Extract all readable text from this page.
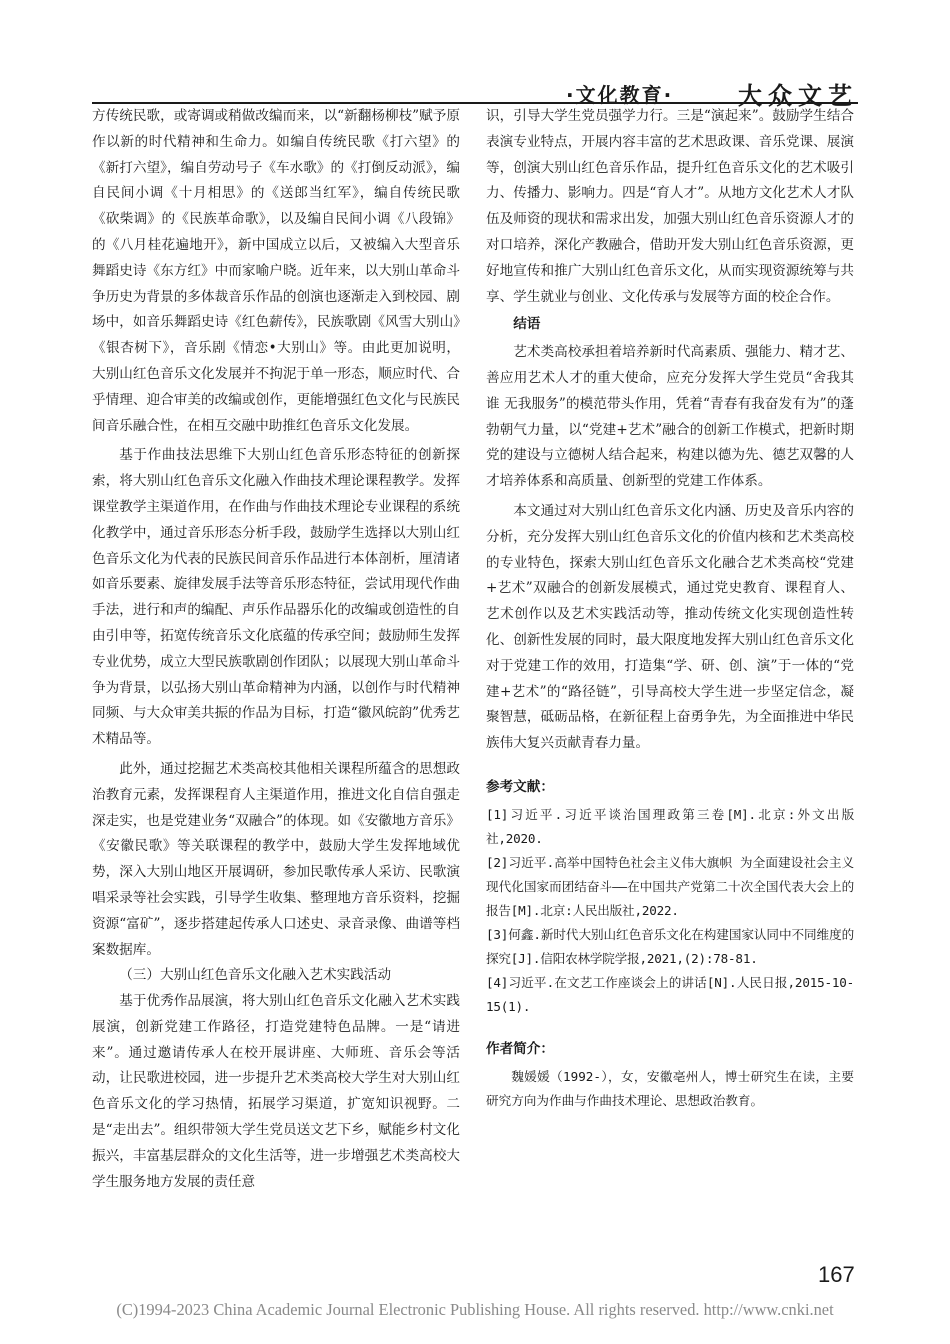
·文化教育·	大众文艺

方传统民歌，或寄调或稍做改编而来，以“新翻杨柳枝”赋予原作以新的时代精神和生命力。如编自传统民歌《打六望》的《新打六望》，编自劳动号子《车水歌》的《打倒反动派》，编自民间小调《十月相思》的《送郎当红军》，编自传统民歌《砍柴调》的《民族革命歌》，以及编自民间小调《八段锦》的《八月桂花遍地开》，新中国成立以后，又被编入大型音乐舞蹈史诗《东方红》中而家喻户晓。近年来，以大别山革命斗争历史为背景的多体裁音乐作品的创演也逐渐走入到校园、剧场中，如音乐舞蹈史诗《红色薪传》，民族歌剧《风雪大别山》《银杏树下》，音乐剧《情恋•大别山》等。由此更加说明，大别山红色音乐文化发展并不拘泥于单一形态，顺应时代、合乎情理、迎合审美的改编或创作，更能增强红色文化与民族民间音乐融合性，在相互交融中助推红色音乐文化发展。

基于作曲技法思维下大别山红色音乐形态特征的创新探索，将大别山红色音乐文化融入作曲技术理论课程教学。发挥课堂教学主渠道作用，在作曲与作曲技术理论专业课程的系统化教学中，通过音乐形态分析手段，鼓励学生选择以大别山红色音乐文化为代表的民族民间音乐作品进行本体剖析，厘清诸如音乐要素、旋律发展手法等音乐形态特征，尝试用现代作曲手法，进行和声的编配、声乐作品器乐化的改编或创造性的自由引申等，拓宽传统音乐文化底蕴的传承空间；鼓励师生发挥专业优势，成立大型民族歌剧创作团队；以展现大别山革命斗争为背景，以弘扬大别山革命精神为内涵，以创作与时代精神同频、与大众审美共振的作品为目标，打造“徽风皖韵”优秀艺术精品等。

此外，通过挖掘艺术类高校其他相关课程所蕴含的思想政治教育元素，发挥课程育人主渠道作用，推进文化自信自强走深走实，也是党建业务“双融合”的体现。如《安徽地方音乐》《安徽民歌》等关联课程的教学中，鼓励大学生发挥地域优势，深入大别山地区开展调研，参加民歌传承人采访、民歌演唱采录等社会实践，引导学生收集、整理地方音乐资料，挖掘资源“富矿”，逐步搭建起传承人口述史、录音录像、曲谱等档案数据库。

（三）大别山红色音乐文化融入艺术实践活动

基于优秀作品展演，将大别山红色音乐文化融入艺术实践展演，创新党建工作路径，打造党建特色品牌。一是“请进来”。通过邀请传承人在校开展讲座、大师班、音乐会等活动，让民歌进校园，进一步提升艺术类高校大学生对大别山红色音乐文化的学习热情，拓展学习渠道，扩宽知识视野。二是“走出去”。组织带领大学生党员送文艺下乡，赋能乡村文化振兴，丰富基层群众的文化生活等，进一步增强艺术类高校大学生服务地方发展的责任意

识，引导大学生党员强学力行。三是“演起来”。鼓励学生结合表演专业特点，开展内容丰富的艺术思政课、音乐党课、展演等，创演大别山红色音乐作品，提升红色音乐文化的艺术吸引力、传播力、影响力。四是“育人才”。从地方文化艺术人才队伍及师资的现状和需求出发，加强大别山红色音乐资源人才的对口培养，深化产教融合，借助开发大别山红色音乐资源，更好地宣传和推广大别山红色音乐文化，从而实现资源统筹与共享、学生就业与创业、文化传承与发展等方面的校企合作。

结语

艺术类高校承担着培养新时代高素质、强能力、精才艺、善应用艺术人才的重大使命，应充分发挥大学生党员“舍我其谁 无我服务”的模范带头作用，凭着“青春有我奋发有为”的蓬勃朝气力量，以“党建+艺术”融合的创新工作模式，把新时期党的建设与立德树人结合起来，构建以德为先、德艺双馨的人才培养体系和高质量、创新型的党建工作体系。

本文通过对大别山红色音乐文化内涵、历史及音乐内容的分析，充分发挥大别山红色音乐文化的价值内核和艺术类高校的专业特色，探索大别山红色音乐文化融合艺术类高校“党建+艺术”双融合的创新发展模式，通过党史教育、课程育人、艺术创作以及艺术实践活动等，推动传统文化实现创造性转化、创新性发展的同时，最大限度地发挥大别山红色音乐文化对于党建工作的效用，打造集“学、研、创、演”于一体的“党建+艺术”的“路径链”，引导高校大学生进一步坚定信念，凝聚智慧，砥砺品格，在新征程上奋勇争先，为全面推进中华民族伟大复兴贡献青春力量。

参考文献：

[1]习近平.习近平谈治国理政第三卷[M].北京:外文出版社,2020.

[2]习近平.高举中国特色社会主义伟大旗帜 为全面建设社会主义现代化国家而团结奋斗——在中国共产党第二十次全国代表大会上的报告[M].北京:人民出版社,2022.

[3]何鑫.新时代大别山红色音乐文化在构建国家认同中不同维度的探究[J].信阳农林学院学报,2021,(2):78-81.

[4]习近平.在文艺工作座谈会上的讲话[N].人民日报,2015-10-15(1).

作者简介：

魏媛媛（1992-），女，安徽亳州人，博士研究生在读，主要研究方向为作曲与作曲技术理论、思想政治教育。

167
(C)1994-2023 China Academic Journal Electronic Publishing House. All rights reserved. http://www.cnki.net
